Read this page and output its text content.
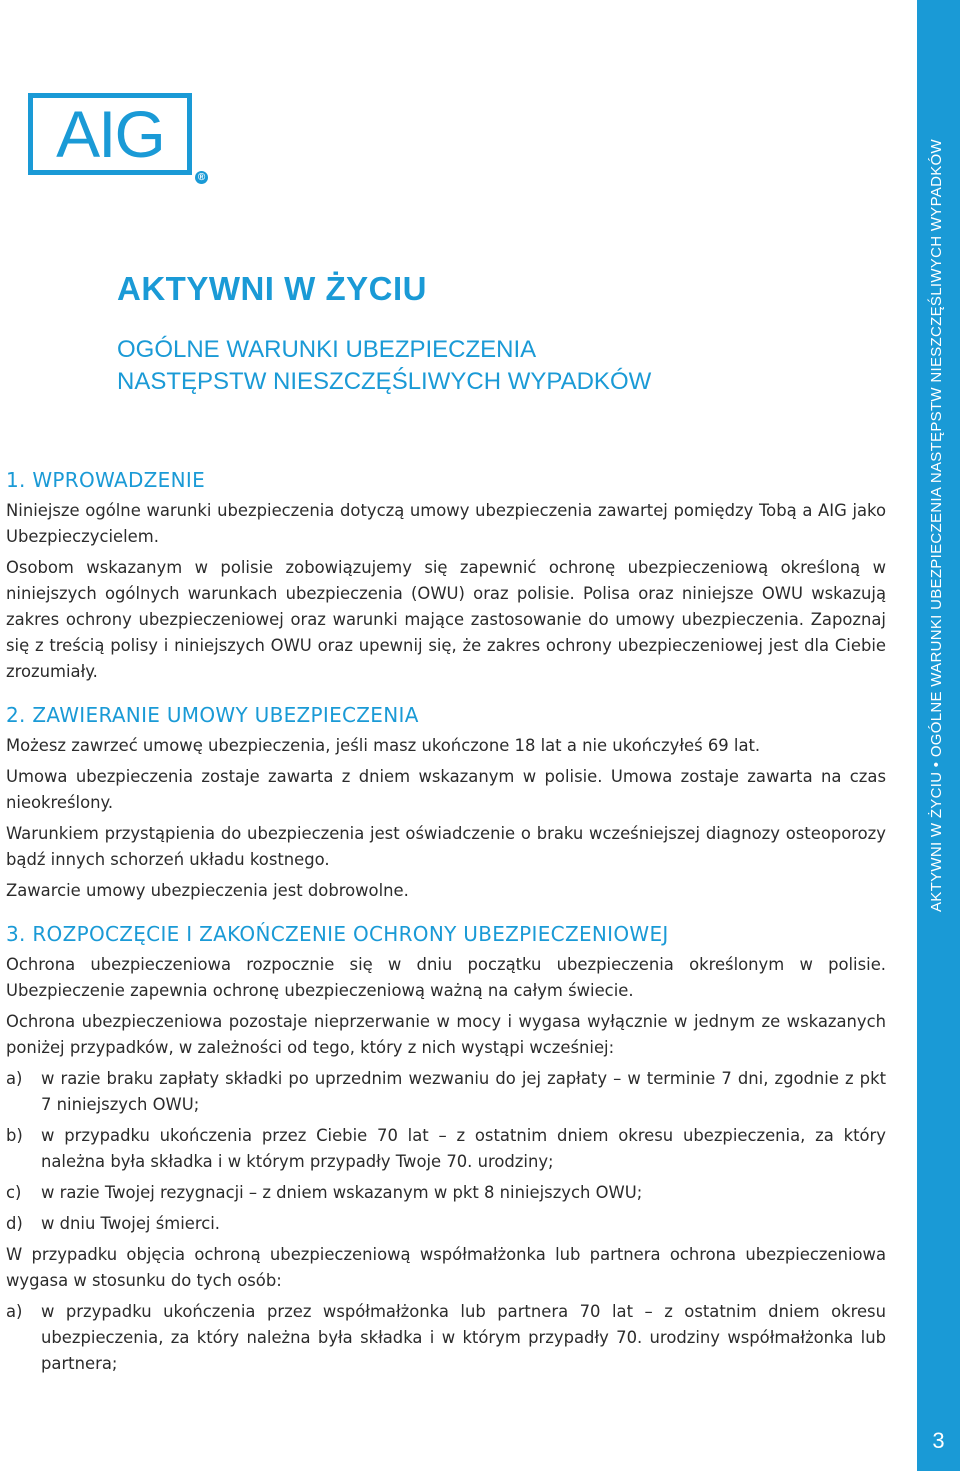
AIG
®
AKTYWNI W ŻYCIU
OGÓLNE WARUNKI UBEZPIECZENIA
NASTĘPSTW NIESZCZĘŚLIWYCH WYPADKÓW
1. WPROWADZENIE

Niniejsze ogólne warunki ubezpieczenia dotyczą umowy ubezpieczenia zawartej pomiędzy Tobą a AIG jako Ubezpieczycielem.

Osobom wskazanym w polisie zobowiązujemy się zapewnić ochronę ubezpieczeniową określoną w niniejszych ogólnych warunkach ubezpieczenia (OWU) oraz polisie. Polisa oraz niniejsze OWU wskazują zakres ochrony ubezpieczeniowej oraz warunki mające zastosowanie do umowy ubezpieczenia. Zapoznaj się z treścią polisy i niniejszych OWU oraz upewnij się, że zakres ochrony ubezpieczeniowej jest dla Ciebie zrozumiały.

2. ZAWIERANIE UMOWY UBEZPIECZENIA

Możesz zawrzeć umowę ubezpieczenia, jeśli masz ukończone 18 lat a nie ukończyłeś 69 lat.

Umowa ubezpieczenia zostaje zawarta z dniem wskazanym w polisie. Umowa zostaje zawarta na czas nieokreślony.

Warunkiem przystąpienia do ubezpieczenia jest oświadczenie o braku wcześniejszej diagnozy osteoporozy bądź innych schorzeń układu kostnego.

Zawarcie umowy ubezpieczenia jest dobrowolne.

3. ROZPOCZĘCIE I ZAKOŃCZENIE OCHRONY UBEZPIECZENIOWEJ

Ochrona ubezpieczeniowa rozpocznie się w dniu początku ubezpieczenia określonym w polisie. Ubezpieczenie zapewnia ochronę ubezpieczeniową ważną na całym świecie.

Ochrona ubezpieczeniowa pozostaje nieprzerwanie w mocy i wygasa wyłącznie w jednym ze wskazanych poniżej przypadków, w zależności od tego, który z nich wystąpi wcześniej:

a)	w razie braku zapłaty składki po uprzednim wezwaniu do jej zapłaty – w terminie 7 dni, zgodnie z pkt 7 niniejszych OWU;
b)	w przypadku ukończenia przez Ciebie 70 lat – z ostatnim dniem okresu ubezpieczenia, za który należna była składka i w którym przypadły Twoje 70. urodziny;
c)	w razie Twojej rezygnacji – z dniem wskazanym w pkt 8 niniejszych OWU;
d)	w dniu Twojej śmierci.

W przypadku objęcia ochroną ubezpieczeniową współmałżonka lub partnera ochrona ubezpieczeniowa wygasa w stosunku do tych osób:

a)	w przypadku ukończenia przez współmałżonka lub partnera 70 lat – z ostatnim dniem okresu ubezpieczenia, za który należna była składka i w którym przypadły 70. urodziny współmałżonka lub partnera;
AKTYWNI W ŻYCIU • OGÓLNE WARUNKI UBEZPIECZENIA NASTĘPSTW NIESZCZĘŚLIWYCH WYPADKÓW
3
